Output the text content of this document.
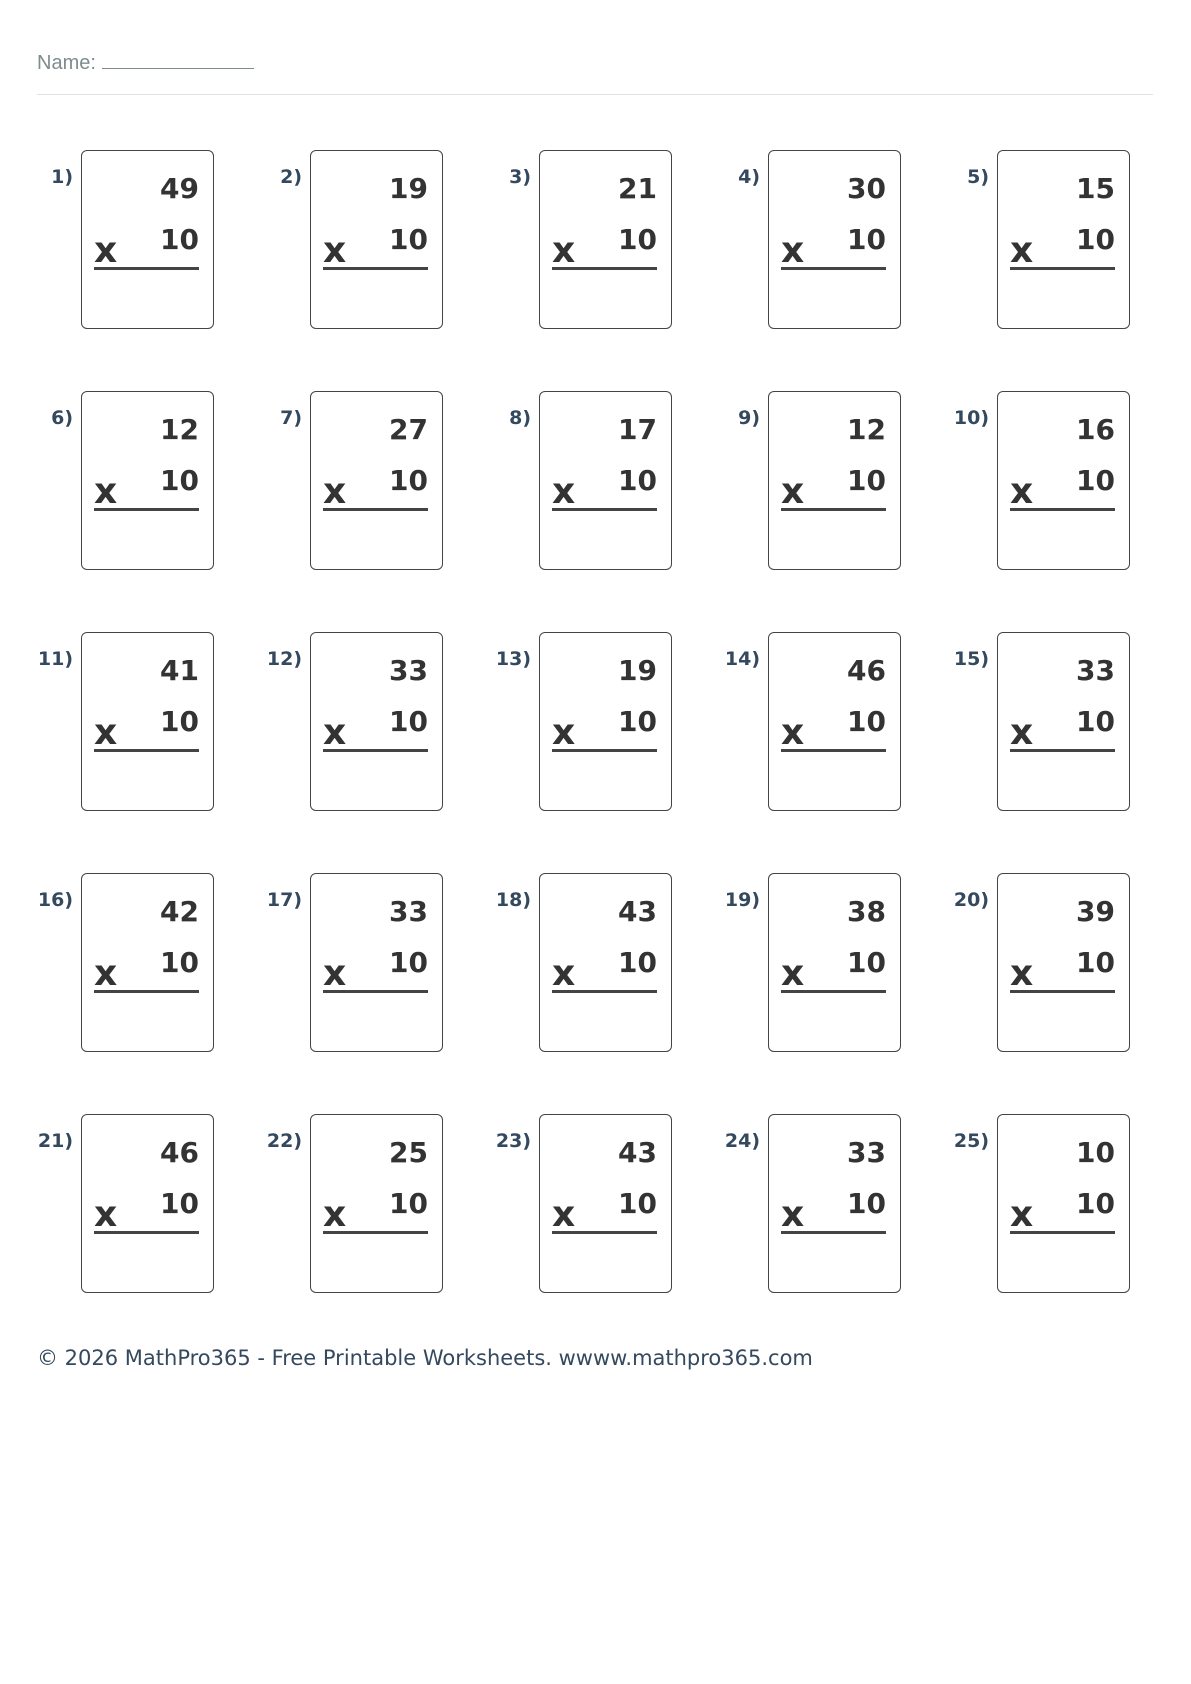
Name:
1)	49
10
x
2)	19
10
x
3)	21
10
x
4)	30
10
x
5)	15
10
x
6)	12
10
x
7)	27
10
x
8)	17
10
x
9)	12
10
x
10)	16
10
x
11)	41
10
x
12)	33
10
x
13)	19
10
x
14)	46
10
x
15)	33
10
x
16)	42
10
x
17)	33
10
x
18)	43
10
x
19)	38
10
x
20)	39
10
x
21)	46
10
x
22)	25
10
x
23)	43
10
x
24)	33
10
x
25)	10
10
x
© 2026 MathPro365 - Free Printable Worksheets. wwww.mathpro365.com
